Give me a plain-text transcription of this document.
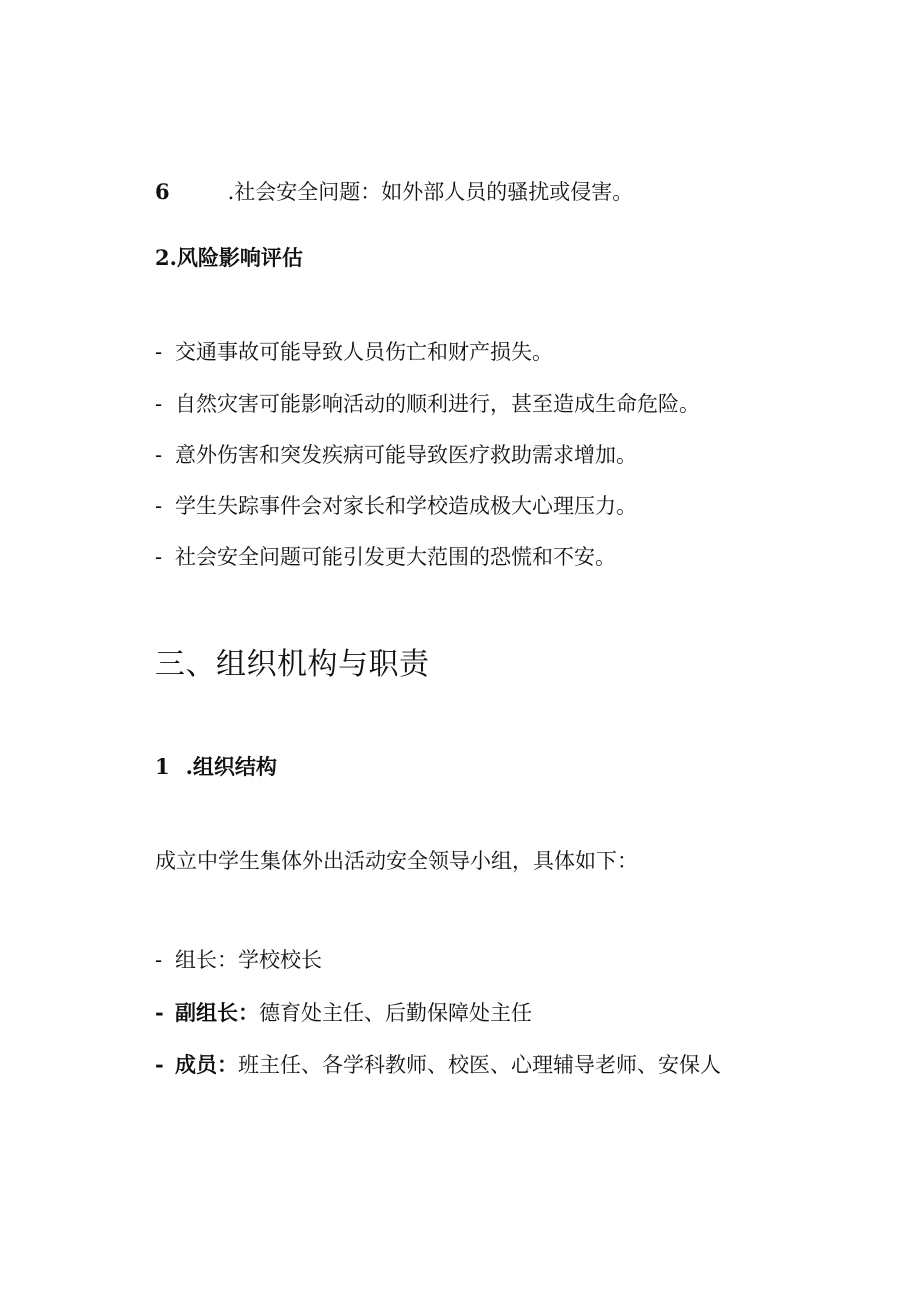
6	.社会安全问题：如外部人员的骚扰或侵害。
2.风险影响评估
- 交通事故可能导致人员伤亡和财产损失。
- 自然灾害可能影响活动的顺利进行，甚至造成生命危险。
- 意外伤害和突发疾病可能导致医疗救助需求增加。
- 学生失踪事件会对家长和学校造成极大心理压力。
- 社会安全问题可能引发更大范围的恐慌和不安。
三、组织机构与职责
1 .组织结构
成立中学生集体外出活动安全领导小组，具体如下：
- 组长：学校校长
- 副组长：德育处主任、后勤保障处主任
- 成员：班主任、各学科教师、校医、心理辅导老师、安保人
